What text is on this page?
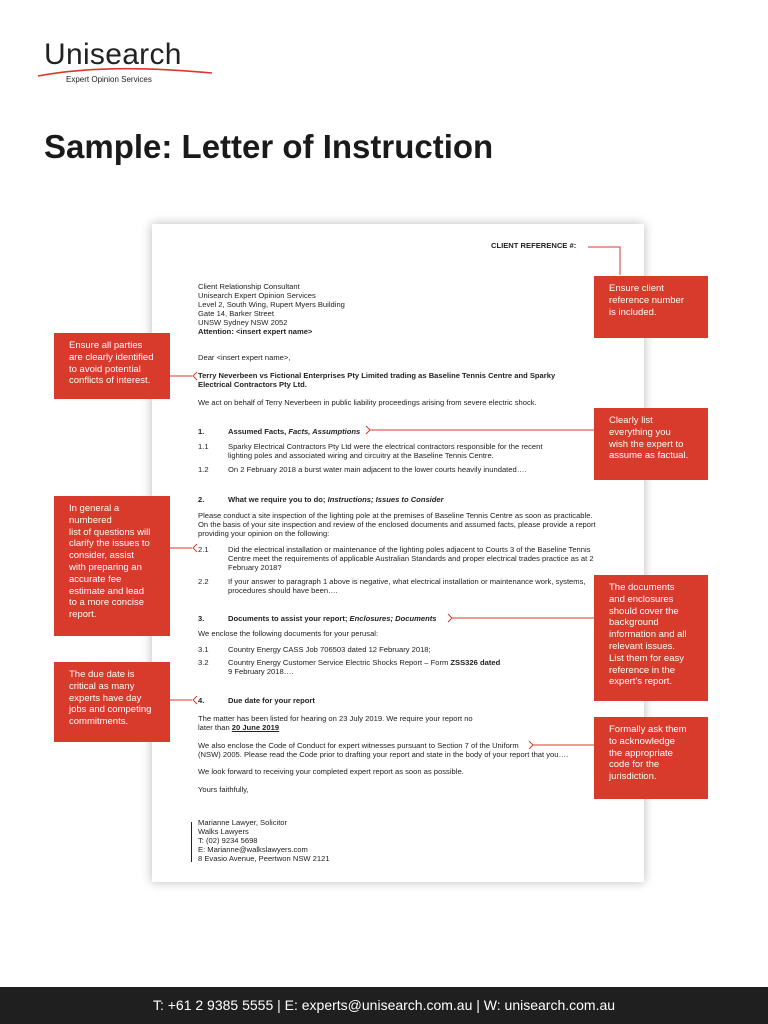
Unisearch
Expert Opinion Services
Sample: Letter of Instruction
CLIENT REFERENCE #:
Client Relationship Consultant
Unisearch Expert Opinion Services
Level 2, South Wing, Rupert Myers Building
Gate 14, Barker Street
UNSW Sydney NSW 2052
Attention: <insert expert name>
Dear <insert expert name>,
Terry Neverbeen vs Fictional Enterprises Pty Limited trading as Baseline Tennis Centre and Sparky
Electrical Contractors Pty Ltd.
We act on behalf of Terry Neverbeen in public liability proceedings arising from severe electric shock.
1.	Assumed Facts, Facts, Assumptions
1.1	Sparky Electrical Contractors Pty Ltd were the electrical contractors responsible for the recent
lighting poles and associated wiring and circuitry at the Baseline Tennis Centre.
1.2	On 2 February 2018 a burst water main adjacent to the lower courts heavily inundated….
2.	What we require you to do; Instructions; Issues to Consider
Please conduct a site inspection of the lighting pole at the premises of Baseline Tennis Centre as soon as practicable.
On the basis of your site inspection and review of the enclosed documents and assumed facts, please provide a report
providing your opinion on the following:
2.1	Did the electrical installation or maintenance of the lighting poles adjacent to Courts 3 of the Baseline Tennis
Centre meet the requirements of applicable Australian Standards and proper electrical trades practice as at 2
February 2018?
2.2	If your answer to paragraph 1 above is negative, what electrical installation or maintenance work, systems,
procedures should have been….
3.	Documents to assist your report; Enclosures; Documents
We enclose the following documents for your perusal:
3.1	Country Energy CASS Job 706503 dated 12 February 2018;
3.2	Country Energy Customer Service Electric Shocks Report – Form ZSS326 dated
9 February 2018….
4.	Due date for your report
The matter has been listed for hearing on 23 July 2019. We require your report no
later than 20 June 2019
We also enclose the Code of Conduct for expert witnesses pursuant to Section 7 of the Uniform
(NSW) 2005. Please read the Code prior to drafting your report and state in the body of your report that you….
We look forward to receiving your completed expert report as soon as possible.
Yours faithfully,
Marianne Lawyer, Solicitor
Walks Lawyers
T: (02) 9234 5698
E: Marianne@walkslawyers.com
8 Evasio Avenue, Peertwon NSW 2121
Ensure client
reference number
is included.
Ensure all parties
are clearly identified
to avoid potential
conflicts of interest.
Clearly list
everything you
wish the expert to
assume as factual.
In general a
numbered
list of questions will
clarify the issues to
consider, assist
with preparing an
accurate fee
estimate and lead
to a more concise
report.
The documents
and enclosures
should cover the
background
information and all
relevant issues.
List them for easy
reference in the
expert's report.
The due date is
critical as many
experts have day
jobs and competing
commitments.
Formally ask them
to acknowledge
the appropriate
code for the
jurisdiction.
T: +61 2 9385 5555 | E: experts@unisearch.com.au | W: unisearch.com.au
